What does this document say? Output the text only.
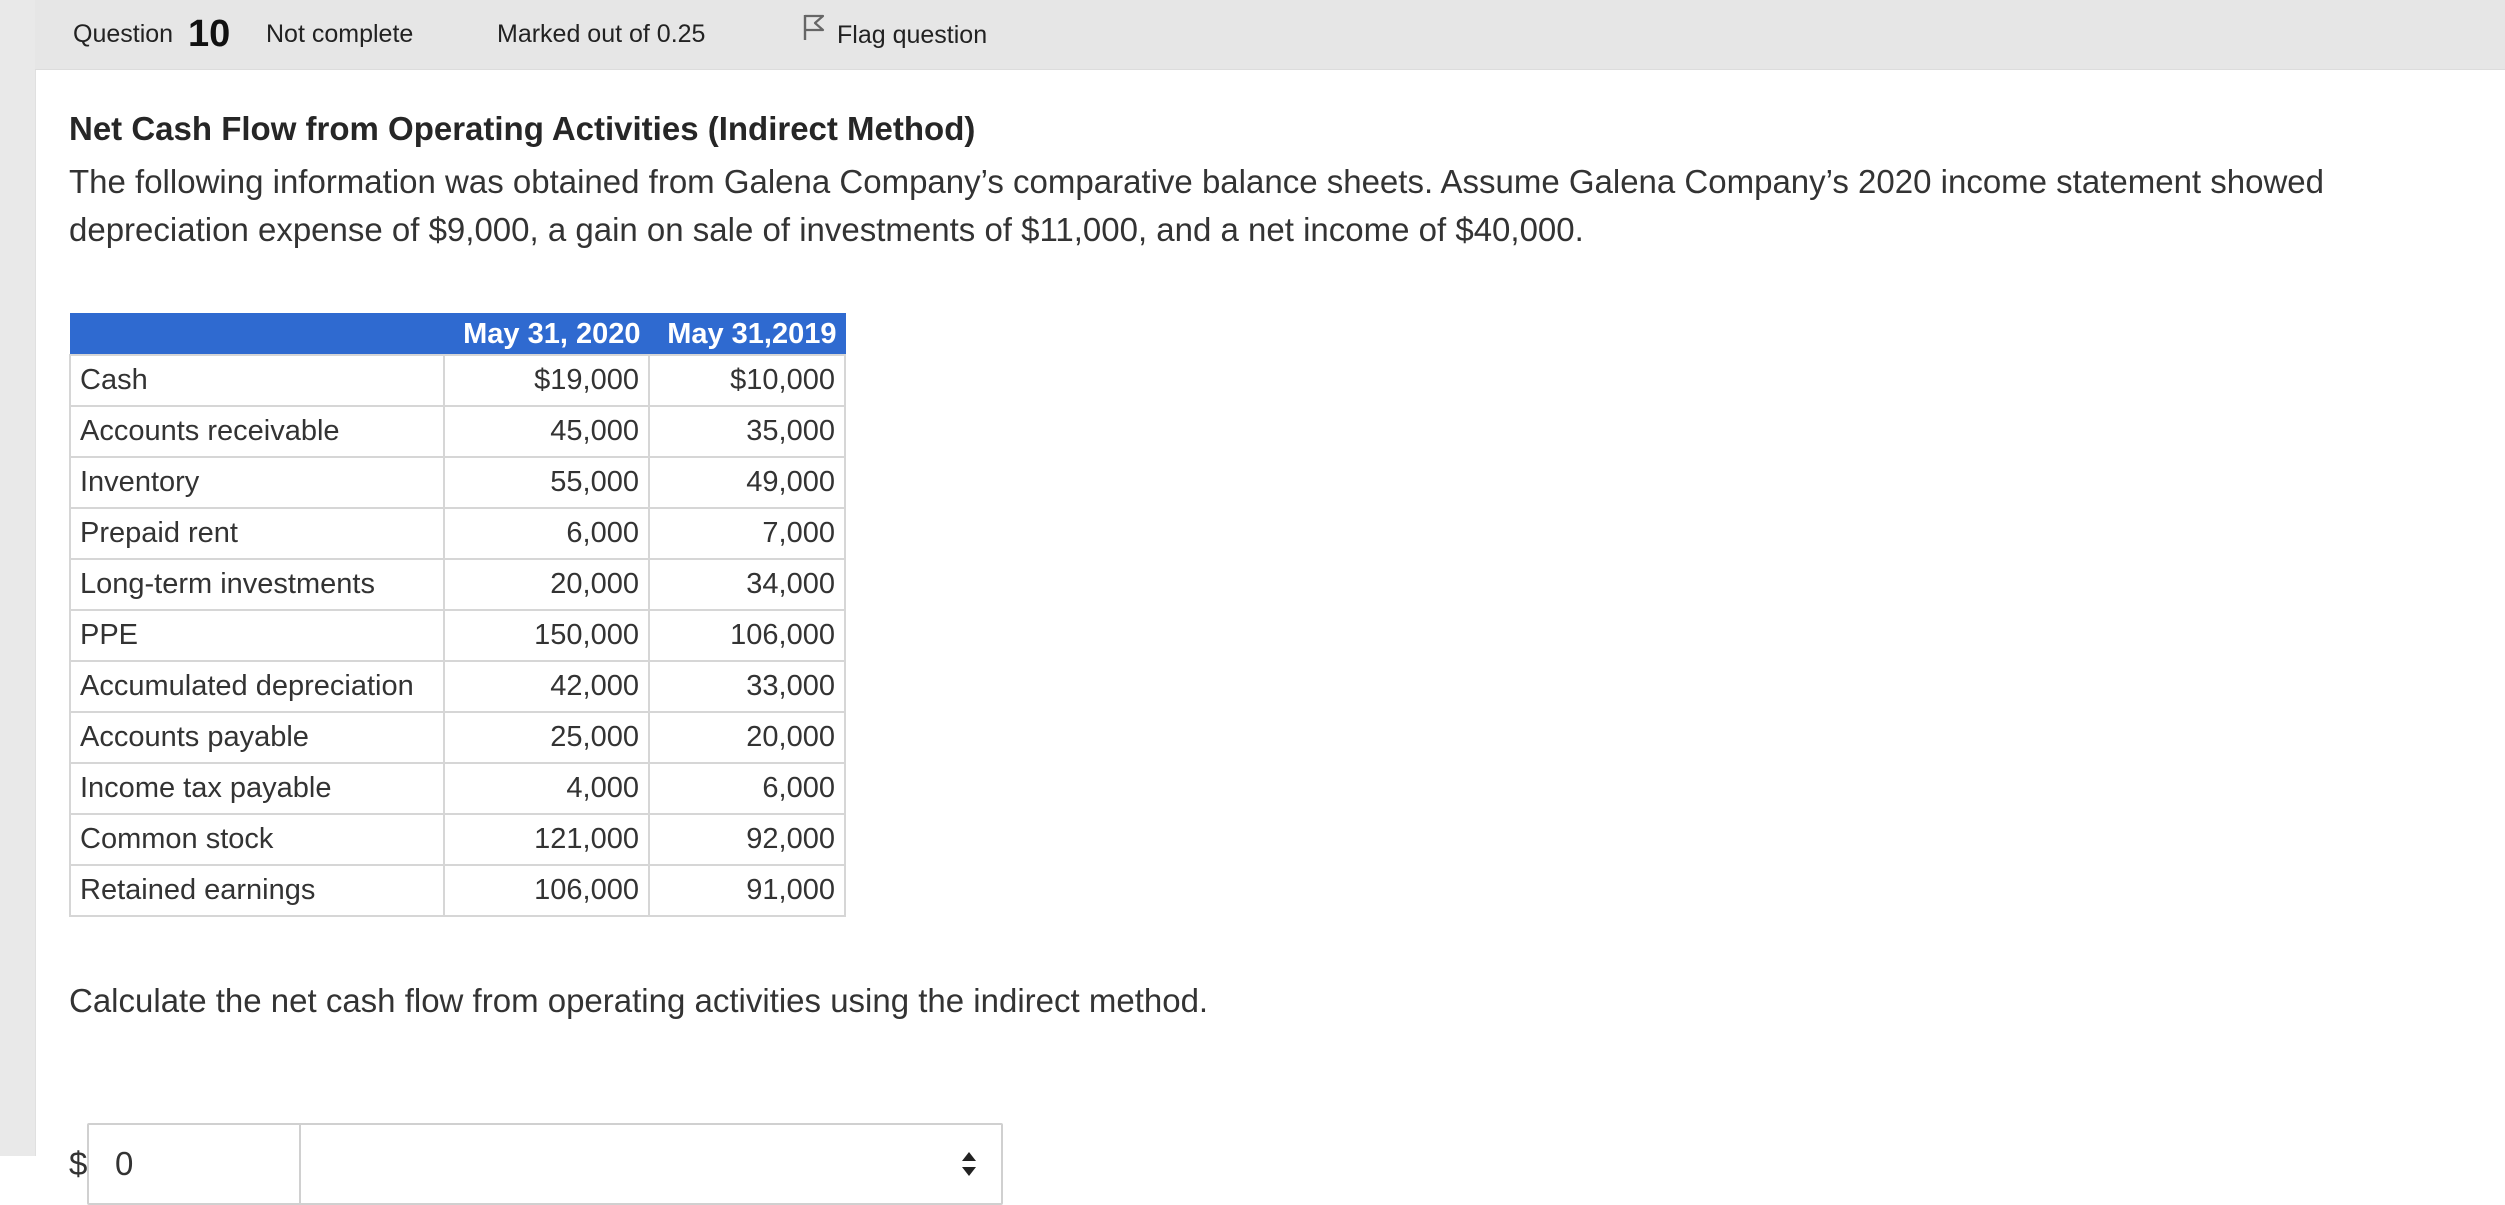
Question 10 Not complete	Marked out of 0.25	Flag question

Net Cash Flow from Operating Activities (Indirect Method)

The following information was obtained from Galena Company’s comparative balance sheets. Assume Galena Company’s 2020 income statement showed depreciation expense of $9,000, a gain on sale of investments of $11,000, and a net income of $40,000.

	May 31, 2020	May 31,2019
Cash	$19,000	$10,000
Accounts receivable	45,000	35,000
Inventory	55,000	49,000
Prepaid rent	6,000	7,000
Long-term investments	20,000	34,000
PPE	150,000	106,000
Accumulated depreciation	42,000	33,000
Accounts payable	25,000	20,000
Income tax payable	4,000	6,000
Common stock	121,000	92,000
Retained earnings	106,000	91,000

Calculate the net cash flow from operating activities using the indirect method.

$
0
